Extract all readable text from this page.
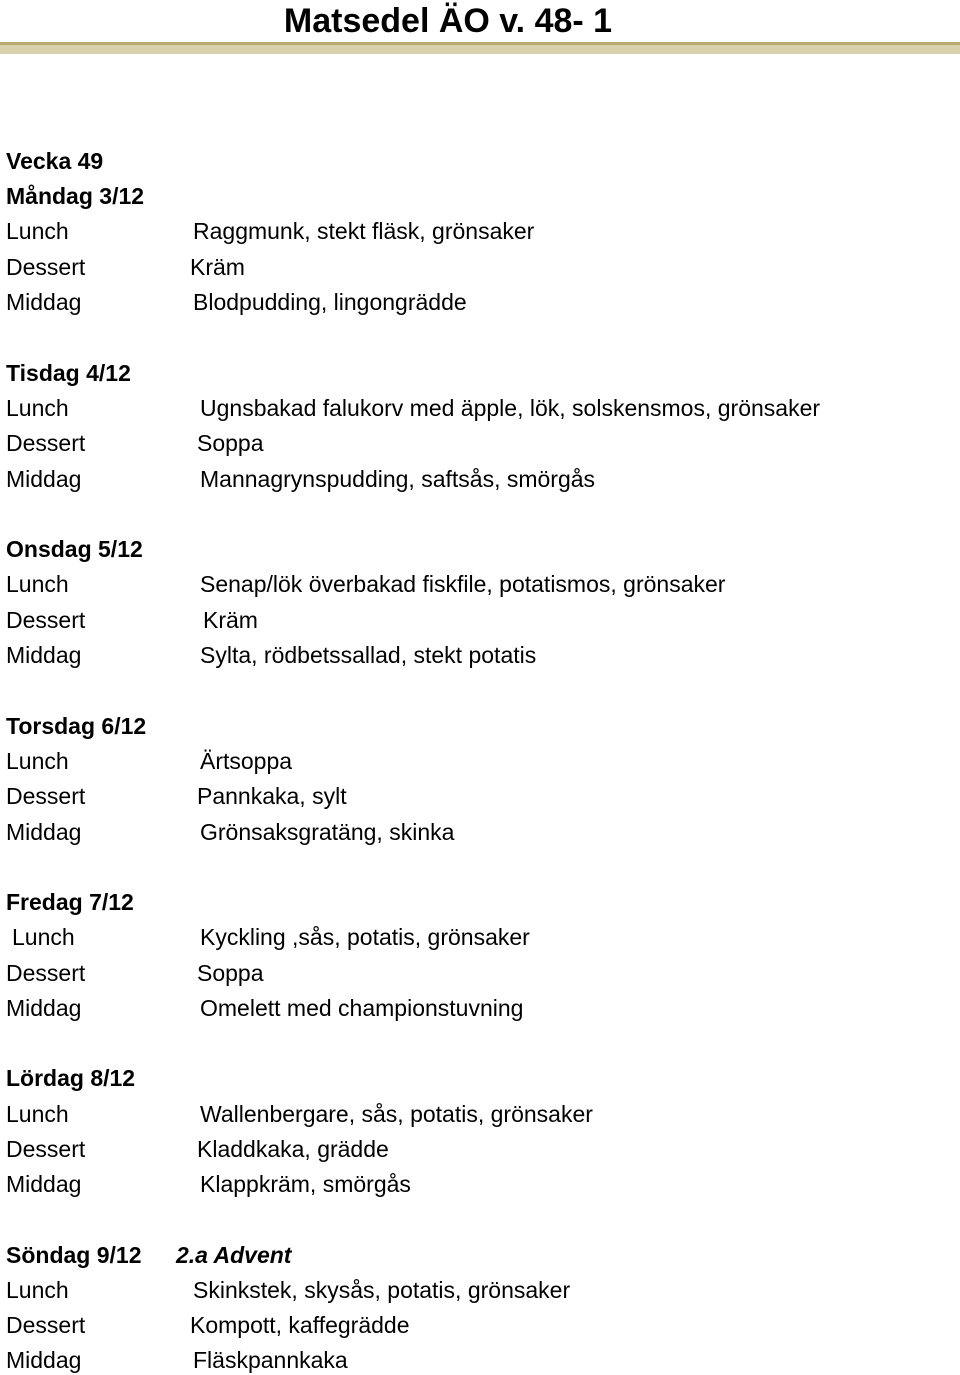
Matsedel ÄO v. 48- 1
Vecka 49
Måndag 3/12
Lunch	Raggmunk, stekt fläsk, grönsaker
Dessert	Kräm
Middag	Blodpudding, lingongrädde
Tisdag 4/12
Lunch	Ugnsbakad falukorv med äpple, lök, solskensmos, grönsaker
Dessert	Soppa
Middag	Mannagrynspudding, saftsås, smörgås
Onsdag 5/12
Lunch	Senap/lök överbakad fiskfile, potatismos, grönsaker
Dessert	Kräm
Middag	Sylta, rödbetssallad, stekt potatis
Torsdag 6/12
Lunch	Ärtsoppa
Dessert	Pannkaka, sylt
Middag	Grönsaksgratäng, skinka
Fredag 7/12
Lunch	Kyckling ,sås, potatis, grönsaker
Dessert	Soppa
Middag	Omelett med championstuvning
Lördag 8/12
Lunch	Wallenbergare, sås, potatis, grönsaker
Dessert	Kladdkaka, grädde
Middag	Klappkräm, smörgås
Söndag 9/12 2.a Advent
Lunch	Skinkstek, skysås, potatis, grönsaker
Dessert	Kompott, kaffegrädde
Middag	Fläskpannkaka
